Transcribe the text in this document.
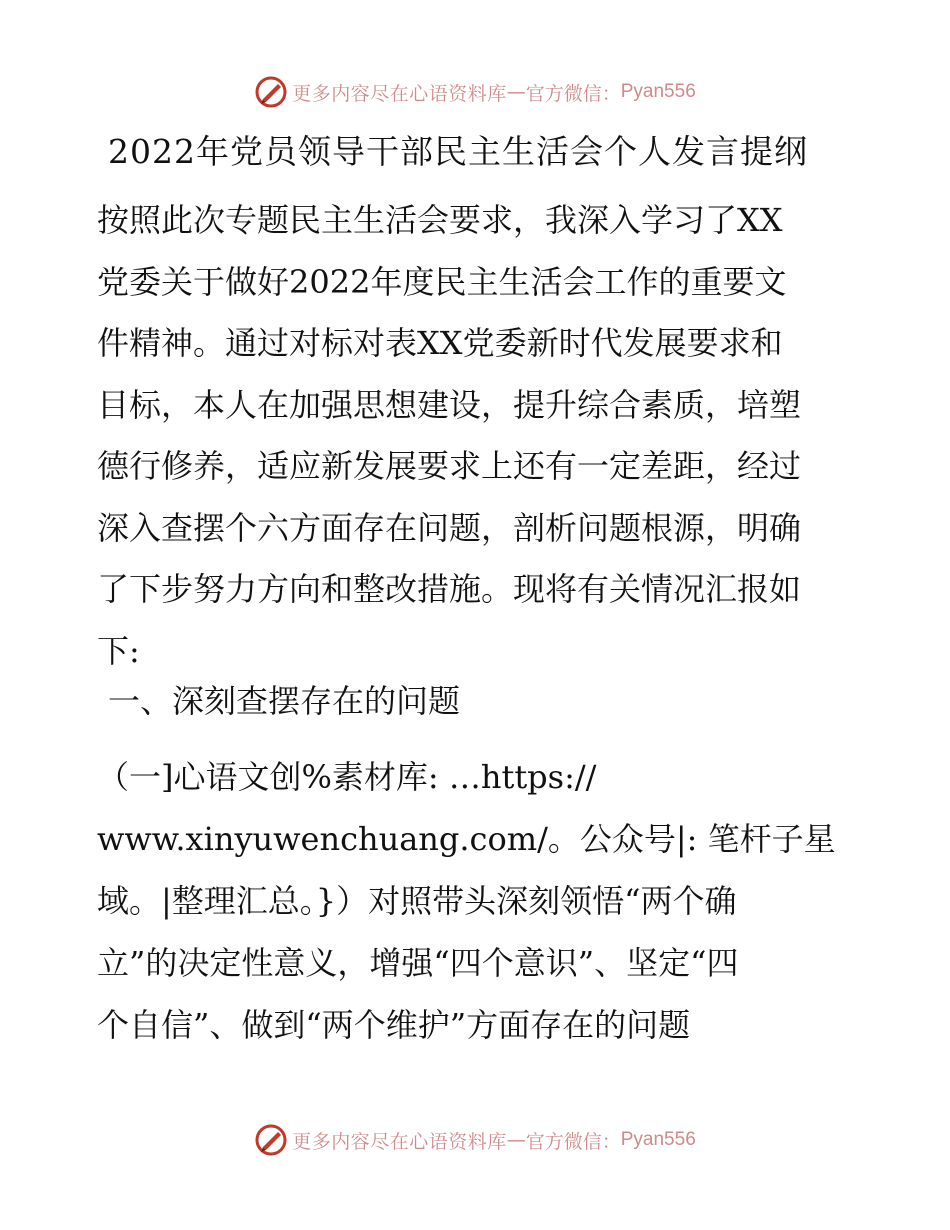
更多内容尽在心语资料库 — 官方微信： Pyan556
2022年党员领导干部民主生活会个人发言提纲
按照此次专题民主生活会要求，我深入学习了XX
党委关于做好2022年度民主生活会工作的重要文
件精神。通过对标对表XX党委新时代发展要求和
目标，本人在加强思想建设，提升综合素质，培塑
德行修养，适应新发展要求上还有一定差距，经过
深入查摆个六方面存在问题，剖析问题根源，明确
了下步努力方向和整改措施。现将有关情况汇报如
下:
一、深刻查摆存在的问题
（一]心语文创%素材库: …https://
www.xinyuwenchuang.com/。公众号|: 笔杆子星
域。|整理汇总。}）对照带头深刻领悟“两个确
立”的决定性意义，增强“四个意识”、坚定“四
个自信”、做到“两个维护”方面存在的问题
更多内容尽在心语资料库 — 官方微信： Pyan556
